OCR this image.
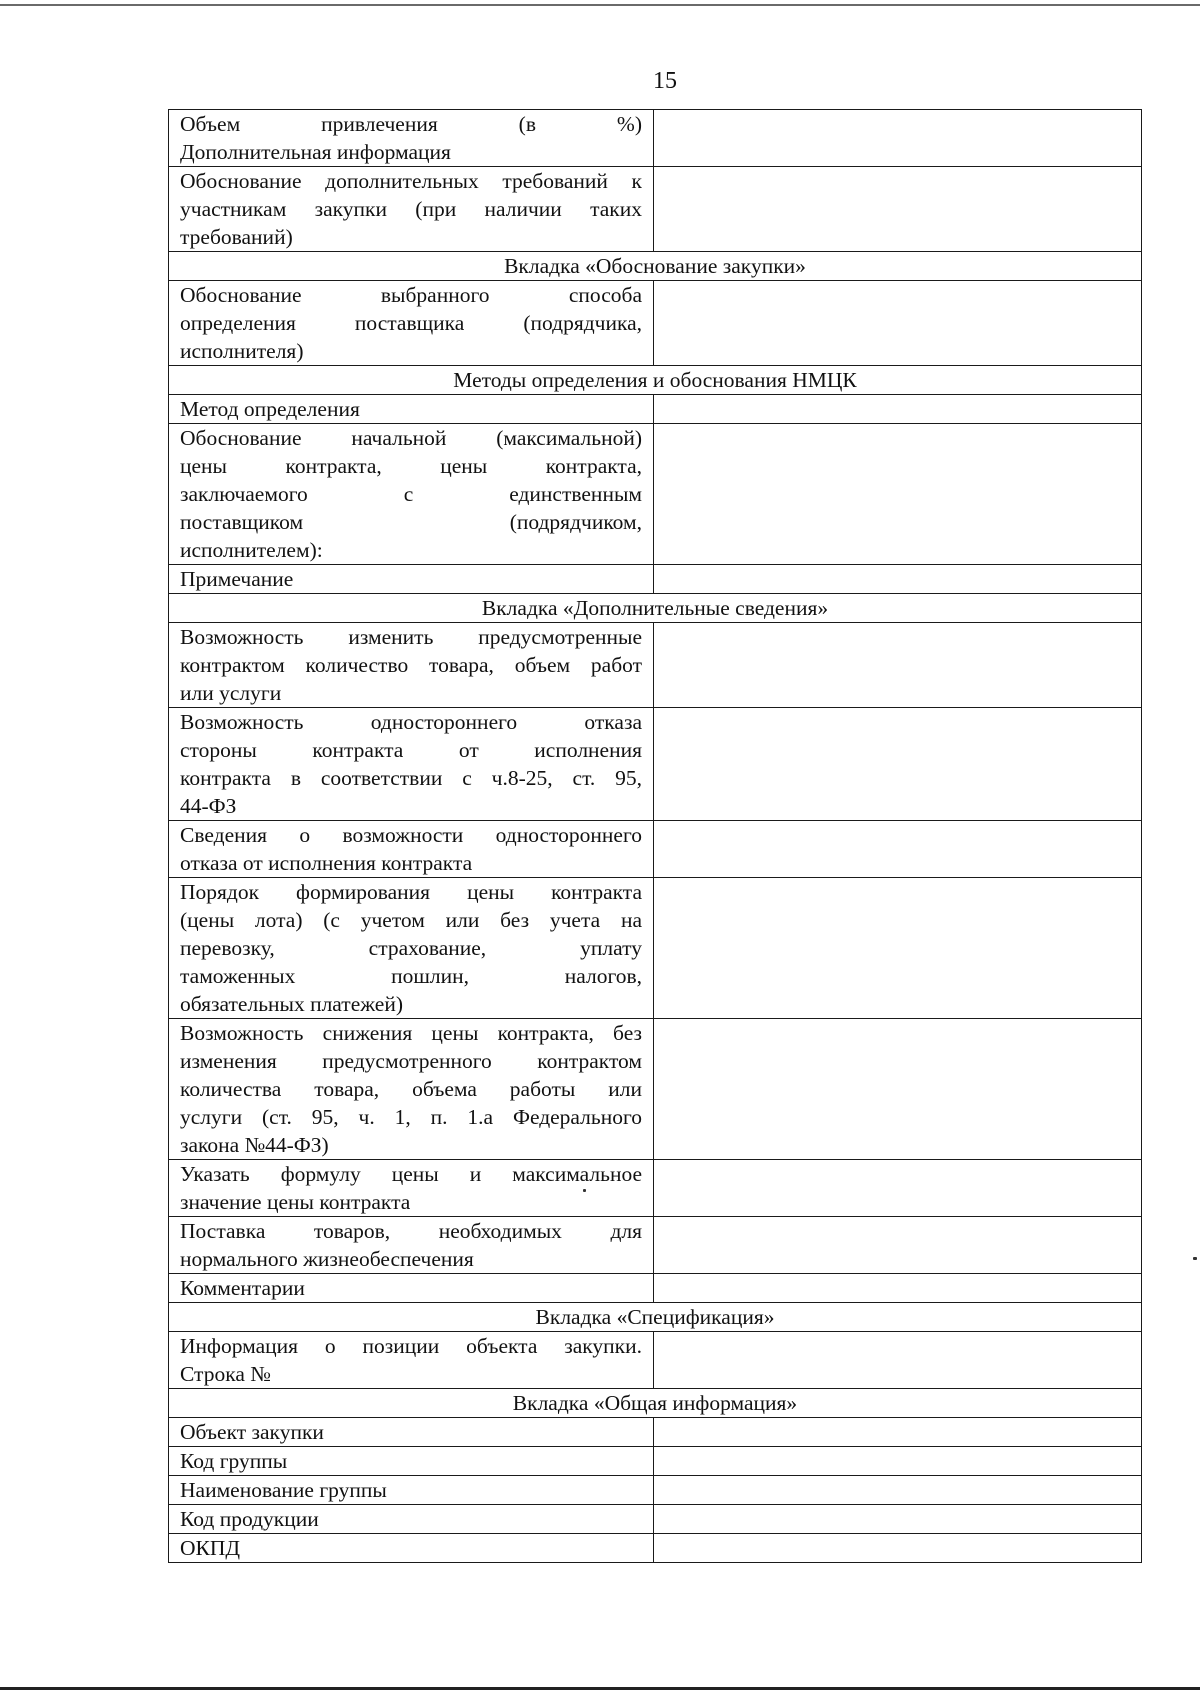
15
Объем привлечения (в %)
Дополнительная информация	

Обоснование дополнительных требований к
участникам закупки (при наличии таких
требований)	

Вкладка «Обоснование закупки»	

Обоснование выбранного способа
определения поставщика (подрядчика,
исполнителя)	

Методы определения и обоснования НМЦК	

Метод определения	

Обоснование начальной (максимальной)
цены контракта, цены контракта,
заключаемого с единственным
поставщиком (подрядчиком,
исполнителем):	

Примечание	

Вкладка «Дополнительные сведения»	

Возможность изменить предусмотренные
контрактом количество товара, объем работ
или услуги	

Возможность одностороннего отказа
стороны контракта от исполнения
контракта в соответствии с ч.8-25, ст. 95,
44-ФЗ	

Сведения о возможности одностороннего
отказа от исполнения контракта	

Порядок формирования цены контракта
(цены лота) (с учетом или без учета на
перевозку, страхование, уплату
таможенных пошлин, налогов,
обязательных платежей)	

Возможность снижения цены контракта, без
изменения предусмотренного контрактом
количества товара, объема работы или
услуги (ст. 95, ч. 1, п. 1.а Федерального
закона №44-ФЗ)	

Указать формулу цены и максимальное
значение цены контракта	

Поставка товаров, необходимых для
нормального жизнеобеспечения	

Комментарии	

Вкладка «Спецификация»	

Информация о позиции объекта закупки.
Строка №	

Вкладка «Общая информация»	

Объект закупки	

Код группы	

Наименование группы	

Код продукции	

ОКПД	
